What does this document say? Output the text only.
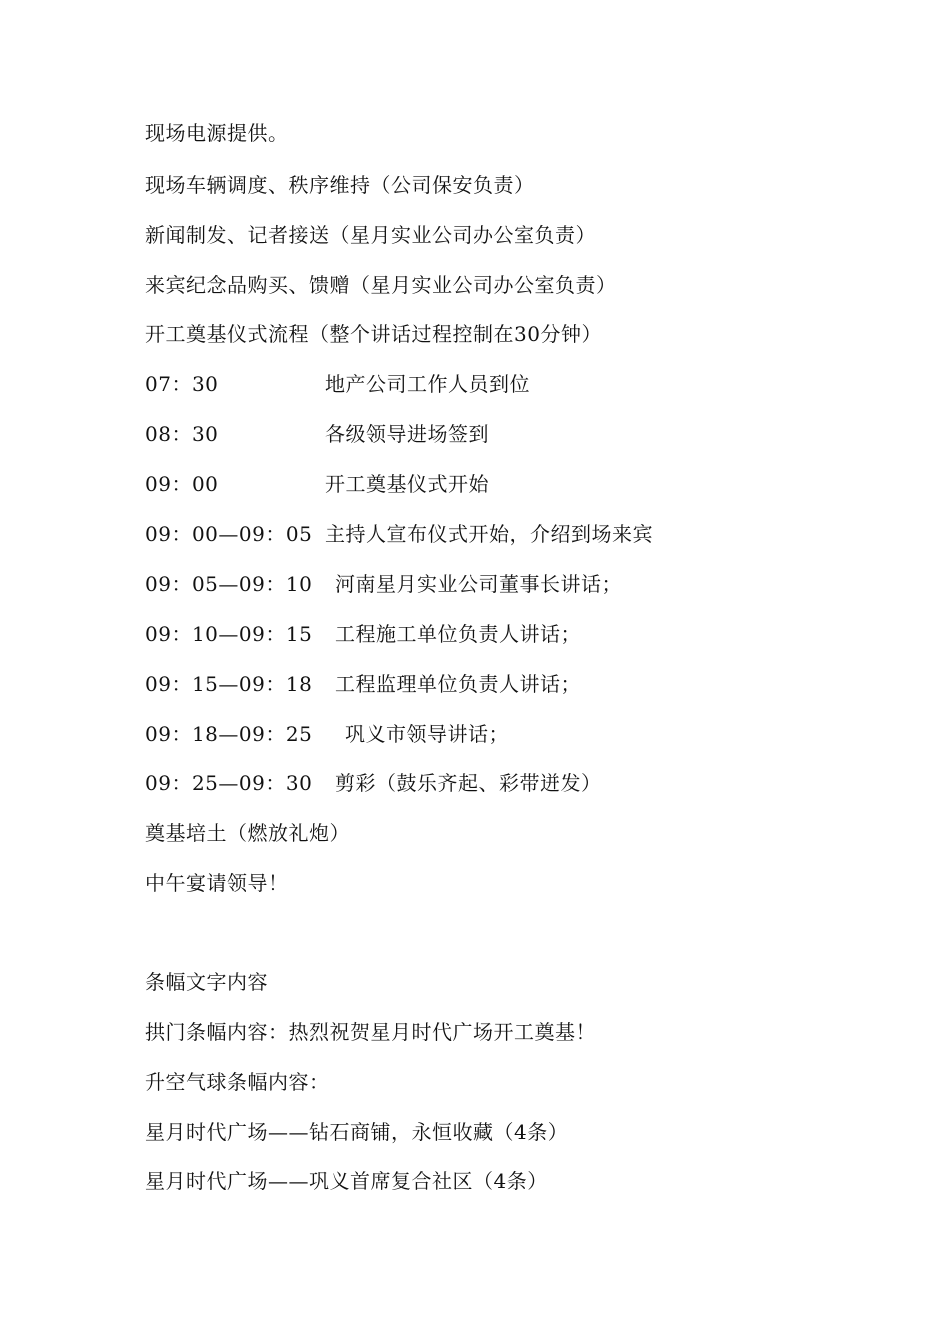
现场电源提供。
现场车辆调度、秩序维持（公司保安负责）
新闻制发、记者接送（星月实业公司办公室负责）
来宾纪念品购买、馈赠（星月实业公司办公室负责）
开工奠基仪式流程（整个讲话过程控制在30分钟）
07：30	地产公司工作人员到位
08：30	各级领导进场签到
09：00	开工奠基仪式开始
09：00—09：05 主持人宣布仪式开始，介绍到场来宾
09：05—09：10 河南星月实业公司董事长讲话；
09：10—09：15 工程施工单位负责人讲话；
09：15—09：18 工程监理单位负责人讲话；
09：18—09：25 巩义市领导讲话；
09：25—09：30 剪彩（鼓乐齐起、彩带迸发）
奠基培土（燃放礼炮）
中午宴请领导！
条幅文字内容
拱门条幅内容：热烈祝贺星月时代广场开工奠基！
升空气球条幅内容：
星月时代广场——钻石商铺，永恒收藏（4条）
星月时代广场——巩义首席复合社区（4条）
